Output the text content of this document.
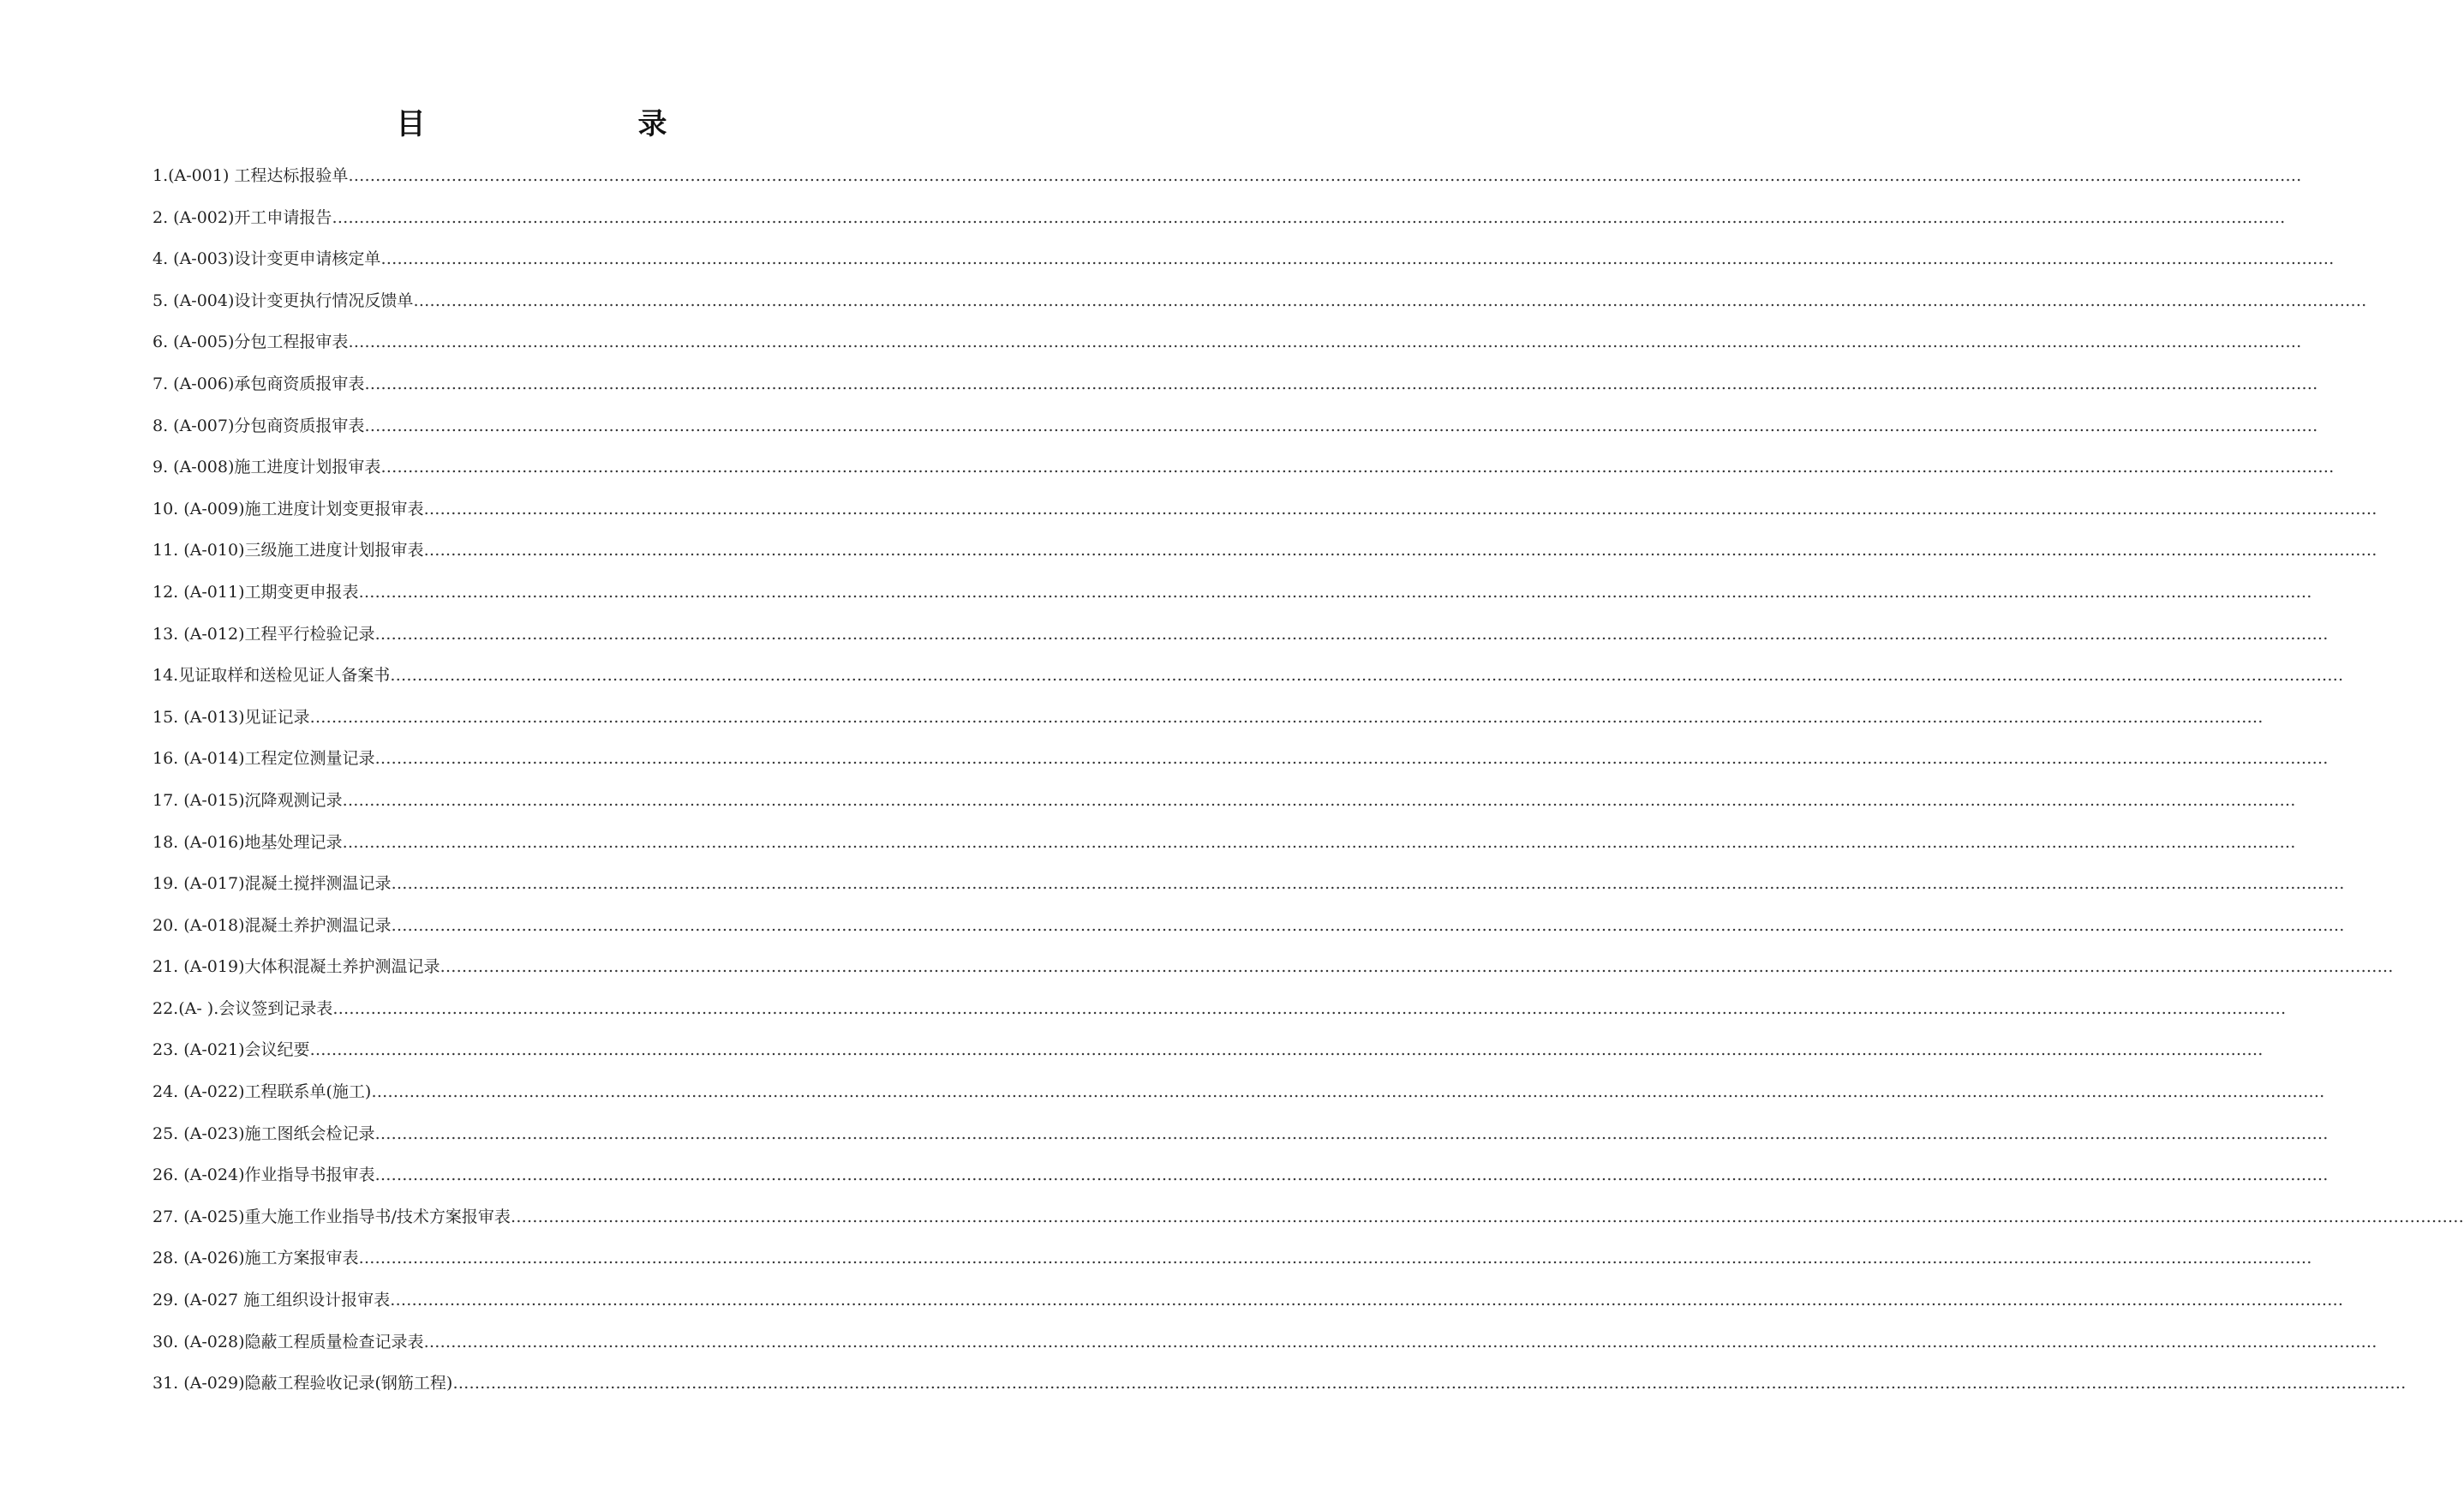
目　　录
1.(A-001) 工程达标报验单………………………………………………………………………………………………………………………………………………………………………………………………………………………………………………………………………………………………………………………………
2. (A-002)开工申请报告………………………………………………………………………………………………………………………………………………………………………………………………………………………………………………………………………………………………………………………………
4. (A-003)设计变更申请核定单………………………………………………………………………………………………………………………………………………………………………………………………………………………………………………………………………………………………………………………………
5. (A-004)设计变更执行情况反馈单………………………………………………………………………………………………………………………………………………………………………………………………………………………………………………………………………………………………………………………………
6. (A-005)分包工程报审表………………………………………………………………………………………………………………………………………………………………………………………………………………………………………………………………………………………………………………………………
7. (A-006)承包商资质报审表………………………………………………………………………………………………………………………………………………………………………………………………………………………………………………………………………………………………………………………………
8. (A-007)分包商资质报审表………………………………………………………………………………………………………………………………………………………………………………………………………………………………………………………………………………………………………………………………
9. (A-008)施工进度计划报审表………………………………………………………………………………………………………………………………………………………………………………………………………………………………………………………………………………………………………………………………
10. (A-009)施工进度计划变更报审表………………………………………………………………………………………………………………………………………………………………………………………………………………………………………………………………………………………………………………………………
11. (A-010)三级施工进度计划报审表………………………………………………………………………………………………………………………………………………………………………………………………………………………………………………………………………………………………………………………………
12. (A-011)工期变更申报表………………………………………………………………………………………………………………………………………………………………………………………………………………………………………………………………………………………………………………………………
13. (A-012)工程平行检验记录………………………………………………………………………………………………………………………………………………………………………………………………………………………………………………………………………………………………………………………………
14.见证取样和送检见证人备案书………………………………………………………………………………………………………………………………………………………………………………………………………………………………………………………………………………………………………………………………
15. (A-013)见证记录………………………………………………………………………………………………………………………………………………………………………………………………………………………………………………………………………………………………………………………………
16. (A-014)工程定位测量记录………………………………………………………………………………………………………………………………………………………………………………………………………………………………………………………………………………………………………………………………
17. (A-015)沉降观测记录………………………………………………………………………………………………………………………………………………………………………………………………………………………………………………………………………………………………………………………………
18. (A-016)地基处理记录………………………………………………………………………………………………………………………………………………………………………………………………………………………………………………………………………………………………………………………………
19. (A-017)混凝土搅拌测温记录………………………………………………………………………………………………………………………………………………………………………………………………………………………………………………………………………………………………………………………………
20. (A-018)混凝土养护测温记录………………………………………………………………………………………………………………………………………………………………………………………………………………………………………………………………………………………………………………………………
21. (A-019)大体积混凝土养护测温记录………………………………………………………………………………………………………………………………………………………………………………………………………………………………………………………………………………………………………………………………
22.(A- ).会议签到记录表………………………………………………………………………………………………………………………………………………………………………………………………………………………………………………………………………………………………………………………………
23. (A-021)会议纪要………………………………………………………………………………………………………………………………………………………………………………………………………………………………………………………………………………………………………………………………
24. (A-022)工程联系单(施工)………………………………………………………………………………………………………………………………………………………………………………………………………………………………………………………………………………………………………………………………
25. (A-023)施工图纸会检记录………………………………………………………………………………………………………………………………………………………………………………………………………………………………………………………………………………………………………………………………
26. (A-024)作业指导书报审表………………………………………………………………………………………………………………………………………………………………………………………………………………………………………………………………………………………………………………………………
27. (A-025)重大施工作业指导书/技术方案报审表………………………………………………………………………………………………………………………………………………………………………………………………………………………………………………………………………………………………………………………………
28. (A-026)施工方案报审表………………………………………………………………………………………………………………………………………………………………………………………………………………………………………………………………………………………………………………………………
29. (A-027 施工组织设计报审表………………………………………………………………………………………………………………………………………………………………………………………………………………………………………………………………………………………………………………………………
30. (A-028)隐蔽工程质量检查记录表………………………………………………………………………………………………………………………………………………………………………………………………………………………………………………………………………………………………………………………………
31. (A-029)隐蔽工程验收记录(钢筋工程)………………………………………………………………………………………………………………………………………………………………………………………………………………………………………………………………………………………………………………………………
